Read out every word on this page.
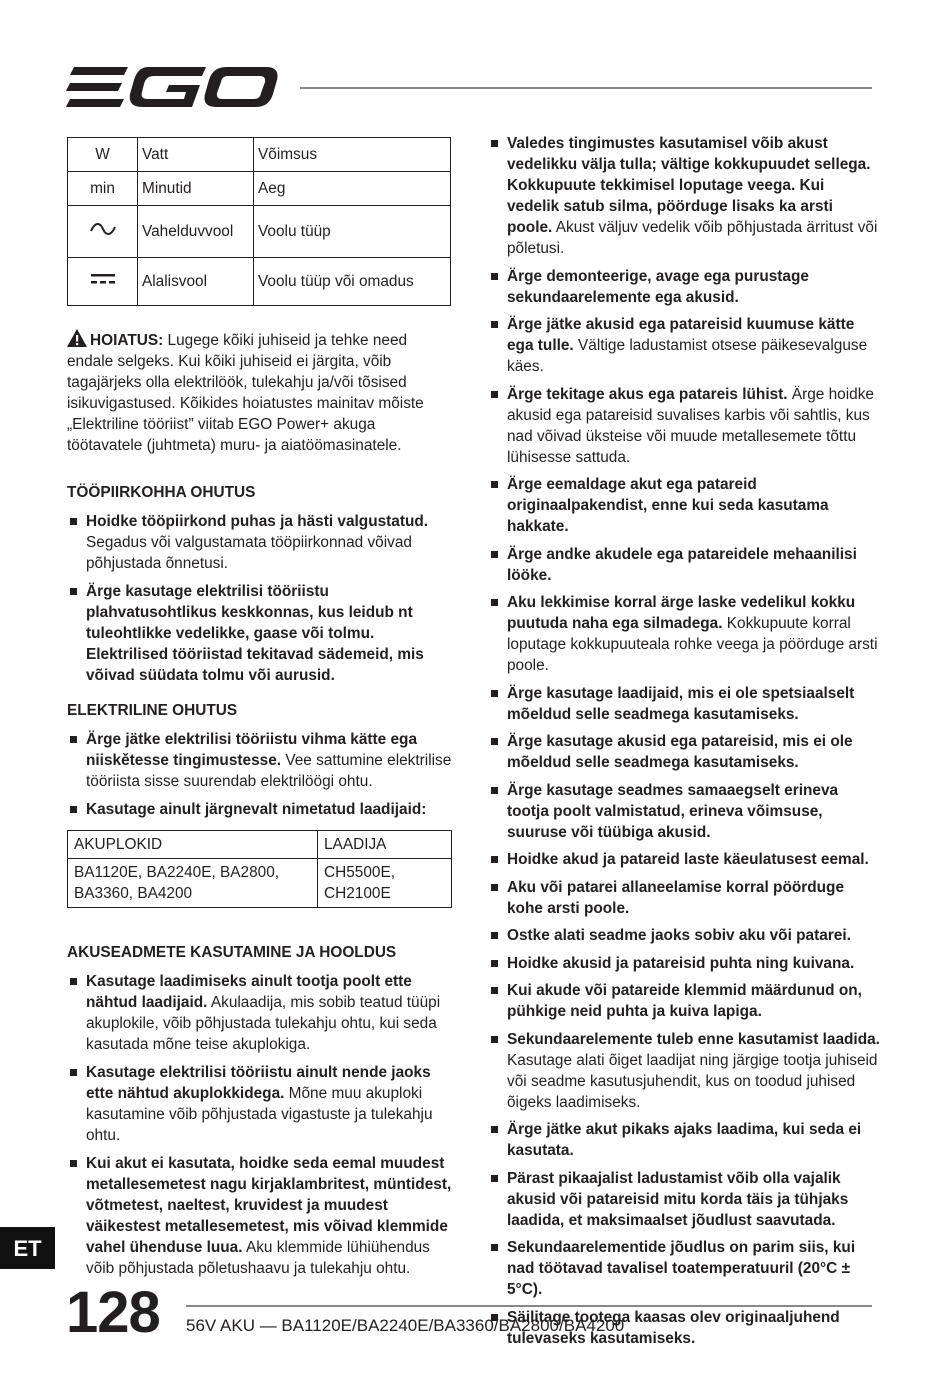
W	Vatt	Võimsus
min	Minutid	Aeg
	Vahelduvvool	Voolu tüüp
	Alalisvool	Voolu tüüp või omadus

HOIATUS: Lugege kõiki juhiseid ja tehke need endale selgeks. Kui kõiki juhiseid ei järgita, võib tagajärjeks olla elektrilöök, tulekahju ja/või tõsised isikuvigastused. Kõikides hoiatustes mainitav mõiste „Elektriline tööriist” viitab EGO Power+ akuga töötavatele (juhtmeta) muru- ja aiatöömasinatele.

TÖÖPIIRKOHHA OHUTUS
Hoidke tööpiirkond puhas ja hästi valgustatud. Segadus või valgustamata tööpiirkonnad võivad põhjustada õnnetusi.
Ärge kasutage elektrilisi tööriistu plahvatusohtlikus keskkonnas, kus leidub nt tuleohtlikke vedelikke, gaase või tolmu. Elektrilised tööriistad tekitavad sädemeid, mis võivad süüdata tolmu või aurusid.
ELEKTRILINE OHUTUS
Ärge jätke elektrilisi tööriistu vihma kätte ega niiskětesse tingimustesse. Vee sattumine elektrilise tööriista sisse suurendab elektrilöögi ohtu.
Kasutage ainult järgnevalt nimetatud laadijaid:
AKUPLOKID	LAADIJA
BA1120E, BA2240E, BA2800, BA3360, BA4200	CH5500E, CH2100E
AKUSEADMETE KASUTAMINE JA HOOLDUS
Kasutage laadimiseks ainult tootja poolt ette nähtud laadijaid. Akulaadija, mis sobib teatud tüüpi akuplokile, võib põhjustada tulekahju ohtu, kui seda kasutada mõne teise akuplokiga.
Kasutage elektrilisi tööriistu ainult nende jaoks ette nähtud akuplokkidega. Mõne muu akuploki kasutamine võib põhjustada vigastuste ja tulekahju ohtu.
Kui akut ei kasutata, hoidke seda eemal muudest metallesemetest nagu kirjaklambritest, müntidest, võtmetest, naeltest, kruvidest ja muudest väikestest metallesemetest, mis võivad klemmide vahel ühenduse luua. Aku klemmide lühiühendus võib põhjustada põletushaavu ja tulekahju ohtu.
Valedes tingimustes kasutamisel võib akust vedelikku välja tulla; vältige kokkupuudet sellega. Kokkupuute tekkimisel loputage veega. Kui vedelik satub silma, pöörduge lisaks ka arsti poole. Akust väljuv vedelik võib põhjustada ärritust või põletusi.
Ärge demonteerige, avage ega purustage sekundaarelemente ega akusid.
Ärge jätke akusid ega patareisid kuumuse kätte ega tulle. Vältige ladustamist otsese päikesevalguse käes.
Ärge tekitage akus ega patareis lühist. Ärge hoidke akusid ega patareisid suvalises karbis või sahtlis, kus nad võivad üksteise või muude metallesemete tõttu lühisesse sattuda.
Ärge eemaldage akut ega patareid originaalpakendist, enne kui seda kasutama hakkate.
Ärge andke akudele ega patareidele mehaanilisi lööke.
Aku lekkimise korral ärge laske vedelikul kokku puutuda naha ega silmadega. Kokkupuute korral loputage kokkupuuteala rohke veega ja pöörduge arsti poole.
Ärge kasutage laadijaid, mis ei ole spetsiaalselt mõeldud selle seadmega kasutamiseks.
Ärge kasutage akusid ega patareisid, mis ei ole mõeldud selle seadmega kasutamiseks.
Ärge kasutage seadmes samaaegselt erineva tootja poolt valmistatud, erineva võimsuse, suuruse või tüübiga akusid.
Hoidke akud ja patareid laste käeulatusest eemal.
Aku või patarei allaneelamise korral pöörduge kohe arsti poole.
Ostke alati seadme jaoks sobiv aku või patarei.
Hoidke akusid ja patareisid puhta ning kuivana.
Kui akude või patareide klemmid määrdunud on, pühkige neid puhta ja kuiva lapiga.
Sekundaarelemente tuleb enne kasutamist laadida. Kasutage alati õiget laadijat ning järgige tootja juhiseid või seadme kasutusjuhendit, kus on toodud juhised õigeks laadimiseks.
Ärge jätke akut pikaks ajaks laadima, kui seda ei kasutata.
Pärast pikaajalist ladustamist võib olla vajalik akusid või patareisid mitu korda täis ja tühjaks laadida, et maksimaalset jõudlust saavutada.
Sekundaarelementide jõudlus on parim siis, kui nad töötavad tavalisel toatemperatuuril (20°C ± 5°C).
Säilitage tootega kaasas olev originaaljuhend tulevaseks kasutamiseks.
ET
128 56V AKU — BA1120E/BA2240E/BA3360/BA2800/BA4200
